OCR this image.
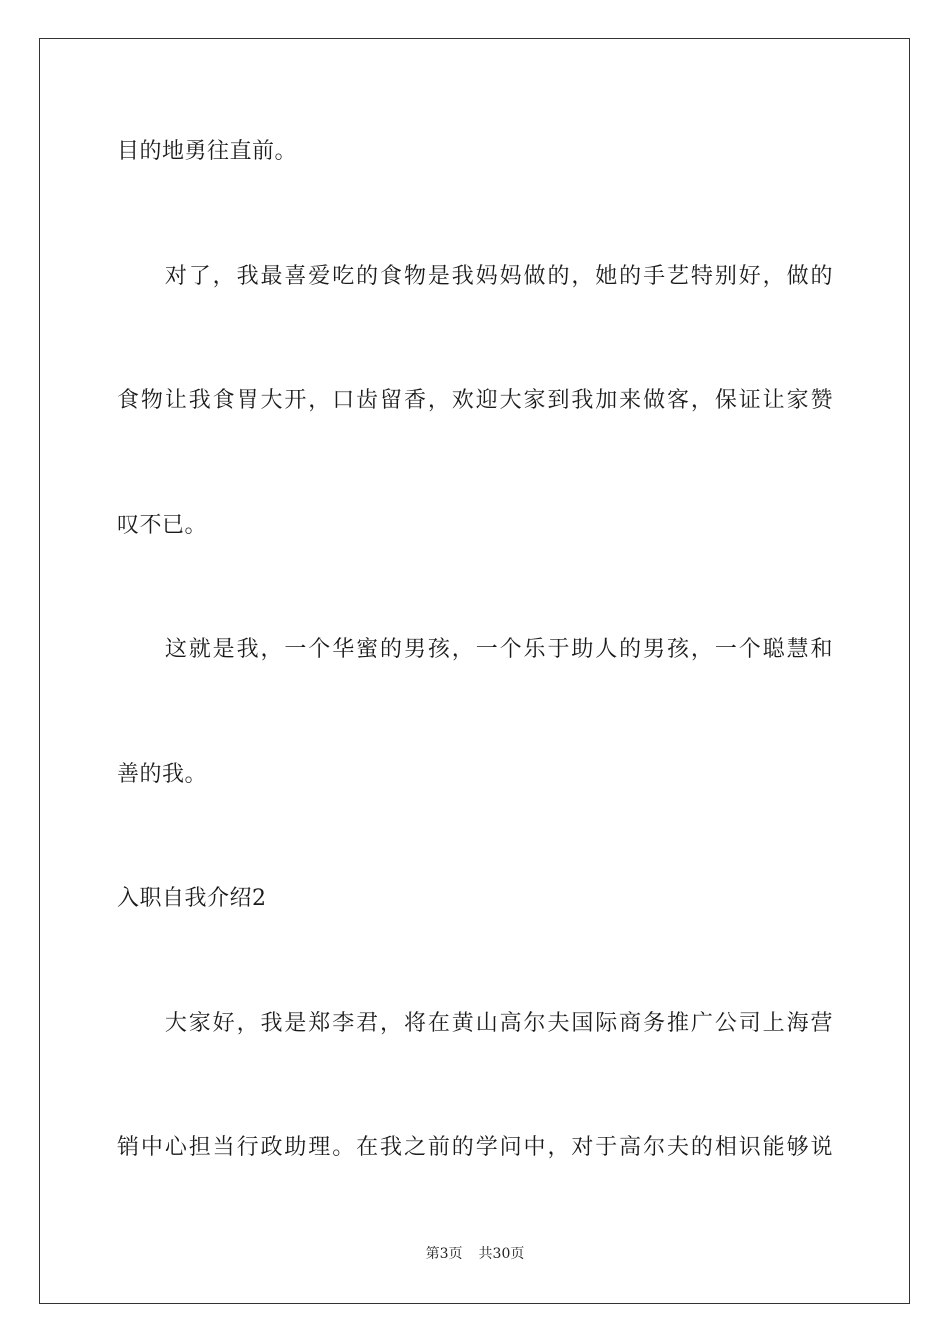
目的地勇往直前。
　　对了，我最喜爱吃的食物是我妈妈做的，她的手艺特别好，做的
食物让我食胃大开，口齿留香，欢迎大家到我加来做客，保证让家赞
叹不已。
　　这就是我，一个华蜜的男孩，一个乐于助人的男孩，一个聪慧和
善的我。
入职自我介绍2
　　大家好，我是郑李君，将在黄山高尔夫国际商务推广公司上海营
销中心担当行政助理。在我之前的学问中，对于高尔夫的相识能够说
第3页 共30页
